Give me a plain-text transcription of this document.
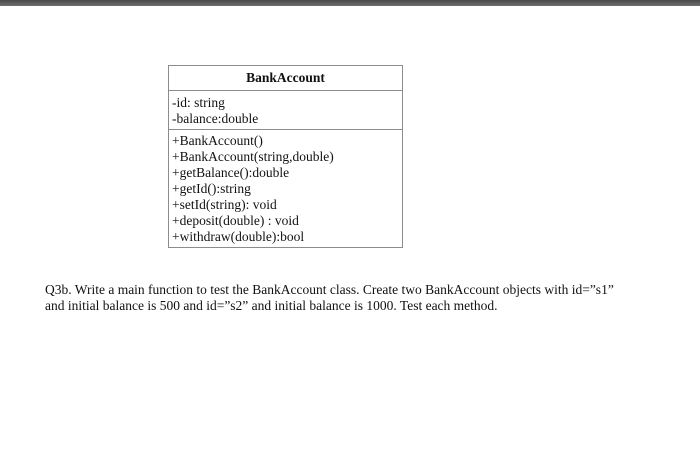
BankAccount
-id: string
-balance:double
+BankAccount()
+BankAccount(string,double)
+getBalance():double
+getId():string
+setId(string): void
+deposit(double) : void
+withdraw(double):bool
Q3b. Write a main function to test the BankAccount class. Create two BankAccount objects with id=”s1”
and initial balance is 500 and id=”s2” and initial balance is 1000. Test each method.
